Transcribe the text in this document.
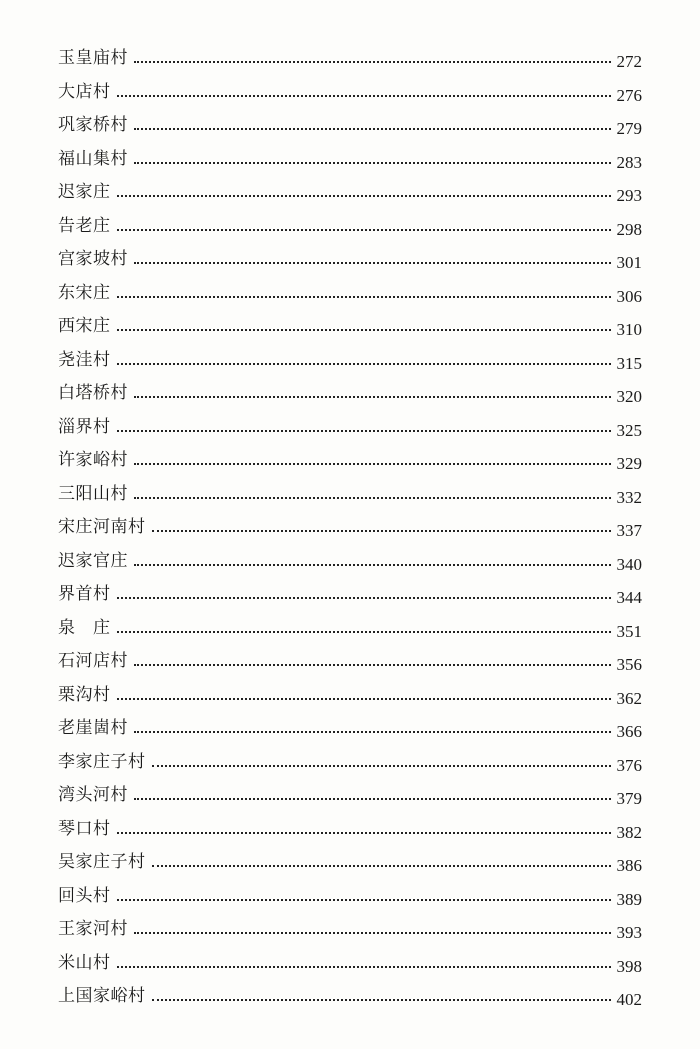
玉皇庙村	272
大店村	276
巩家桥村	279
福山集村	283
迟家庄	293
告老庄	298
宫家坡村	301
东宋庄	306
西宋庄	310
尧洼村	315
白塔桥村	320
淄界村	325
许家峪村	329
三阳山村	332
宋庄河南村	337
迟家官庄	340
界首村	344
泉　庄	351
石河店村	356
栗沟村	362
老崖崮村	366
李家庄子村	376
湾头河村	379
琴口村	382
吴家庄子村	386
回头村	389
王家河村	393
米山村	398
上国家峪村	402
